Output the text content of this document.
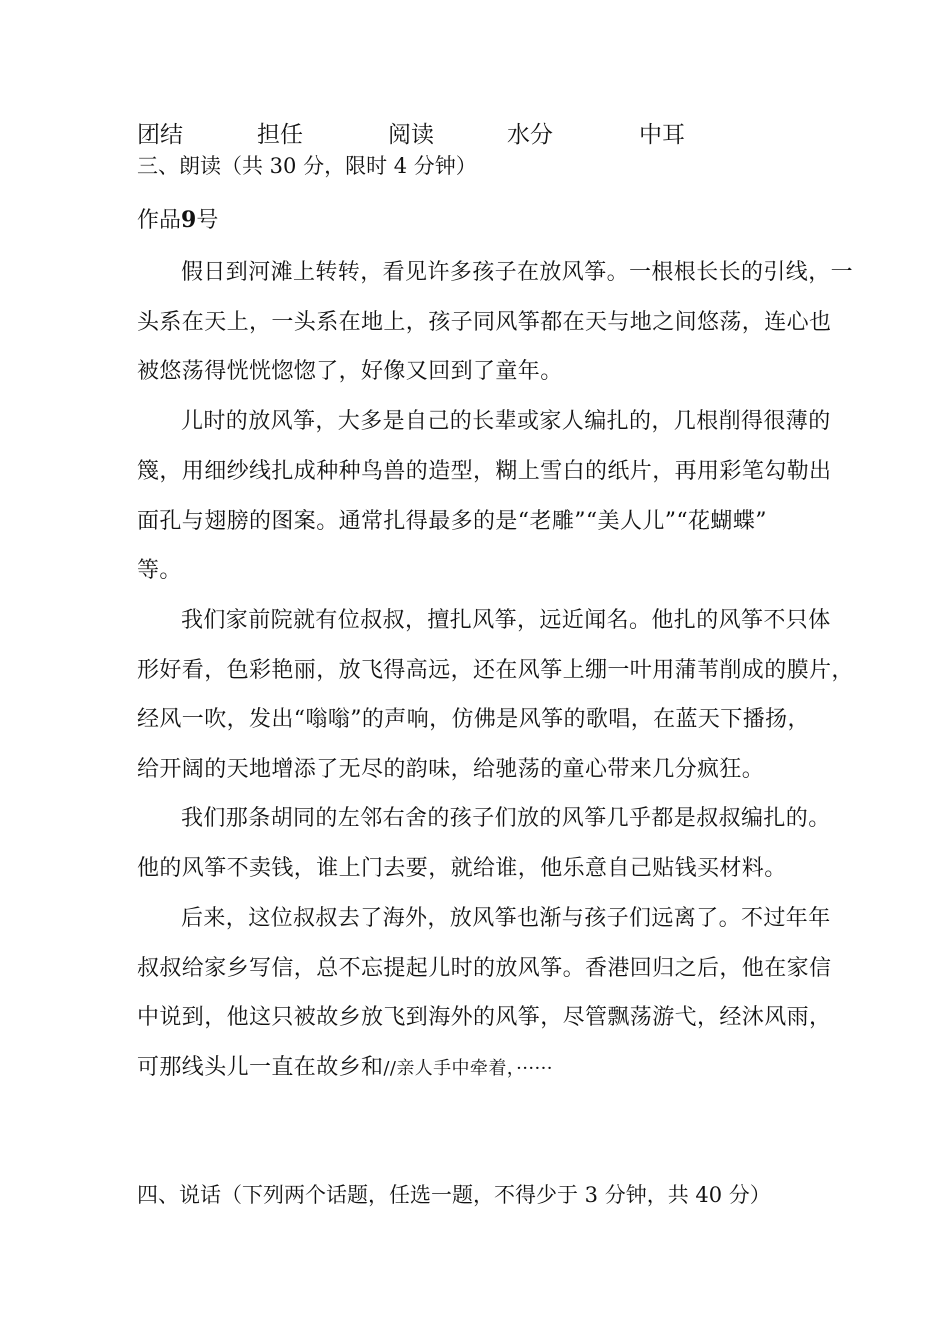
团结	担任	阅读	水分	中耳
三、朗读（共 30 分，限时 4 分钟）
作品9号
假日到河滩上转转，看见许多孩子在放风筝。一根根长长的引线，一
头系在天上，一头系在地上，孩子同风筝都在天与地之间悠荡，连心也
被悠荡得恍恍惚惚了，好像又回到了童年。
儿时的放风筝，大多是自己的长辈或家人编扎的，几根削得很薄的
篾，用细纱线扎成种种鸟兽的造型，糊上雪白的纸片，再用彩笔勾勒出
面孔与翅膀的图案。通常扎得最多的是“老雕”“美人儿”“花蝴蝶”
等。
我们家前院就有位叔叔，擅扎风筝，远近闻名。他扎的风筝不只体
形好看，色彩艳丽，放飞得高远，还在风筝上绷一叶用蒲苇削成的膜片，
经风一吹，发出“嗡嗡”的声响，仿佛是风筝的歌唱，在蓝天下播扬，
给开阔的天地增添了无尽的韵味，给驰荡的童心带来几分疯狂。
我们那条胡同的左邻右舍的孩子们放的风筝几乎都是叔叔编扎的。
他的风筝不卖钱，谁上门去要，就给谁，他乐意自己贴钱买材料。
后来，这位叔叔去了海外，放风筝也渐与孩子们远离了。不过年年
叔叔给家乡写信，总不忘提起儿时的放风筝。香港回归之后，他在家信
中说到，他这只被故乡放飞到海外的风筝，尽管飘荡游弋，经沐风雨，
可那线头儿一直在故乡和//亲人手中牵着，······
四、说话（下列两个话题，任选一题，不得少于 3 分钟，共 40 分）
